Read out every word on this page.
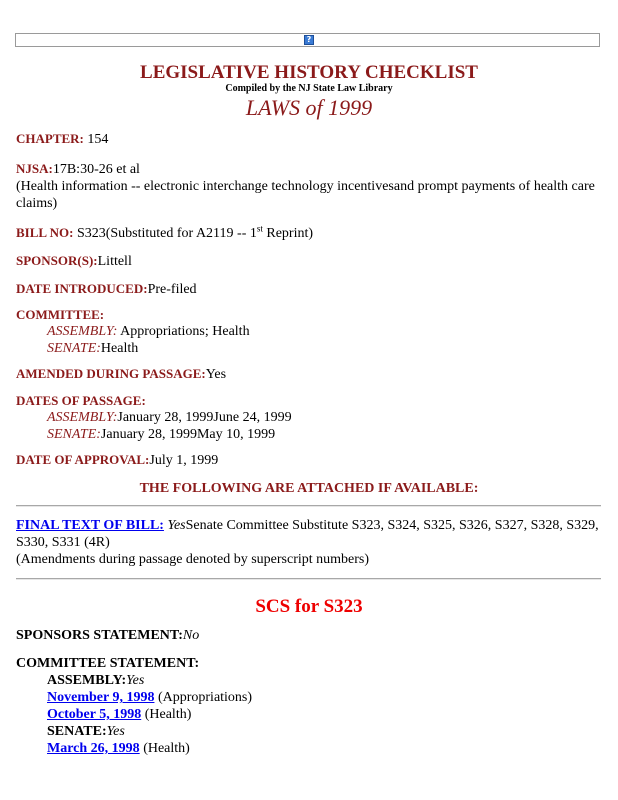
?
LEGISLATIVE HISTORY CHECKLIST
Compiled by the NJ State Law Library
LAWS of 1999
CHAPTER: 154
NJSA:17B:30-26 et al
(Health information -- electronic interchange technology incentivesand prompt payments of health care claims)
BILL NO: S323(Substituted for A2119 -- 1st Reprint)
SPONSOR(S):Littell
DATE INTRODUCED:Pre-filed
COMMITTEE:
ASSEMBLY: Appropriations; Health
SENATE:Health
AMENDED DURING PASSAGE:Yes
DATES OF PASSAGE:
ASSEMBLY:January 28, 1999June 24, 1999
SENATE:January 28, 1999May 10, 1999
DATE OF APPROVAL:July 1, 1999
THE FOLLOWING ARE ATTACHED IF AVAILABLE:
FINAL TEXT OF BILL: YesSenate Committee Substitute S323, S324, S325, S326, S327, S328, S329, S330, S331 (4R)
(Amendments during passage denoted by superscript numbers)
SCS for S323
SPONSORS STATEMENT:No
COMMITTEE STATEMENT:
ASSEMBLY:Yes
November 9, 1998 (Appropriations)
October 5, 1998 (Health)
SENATE:Yes
March 26, 1998 (Health)
